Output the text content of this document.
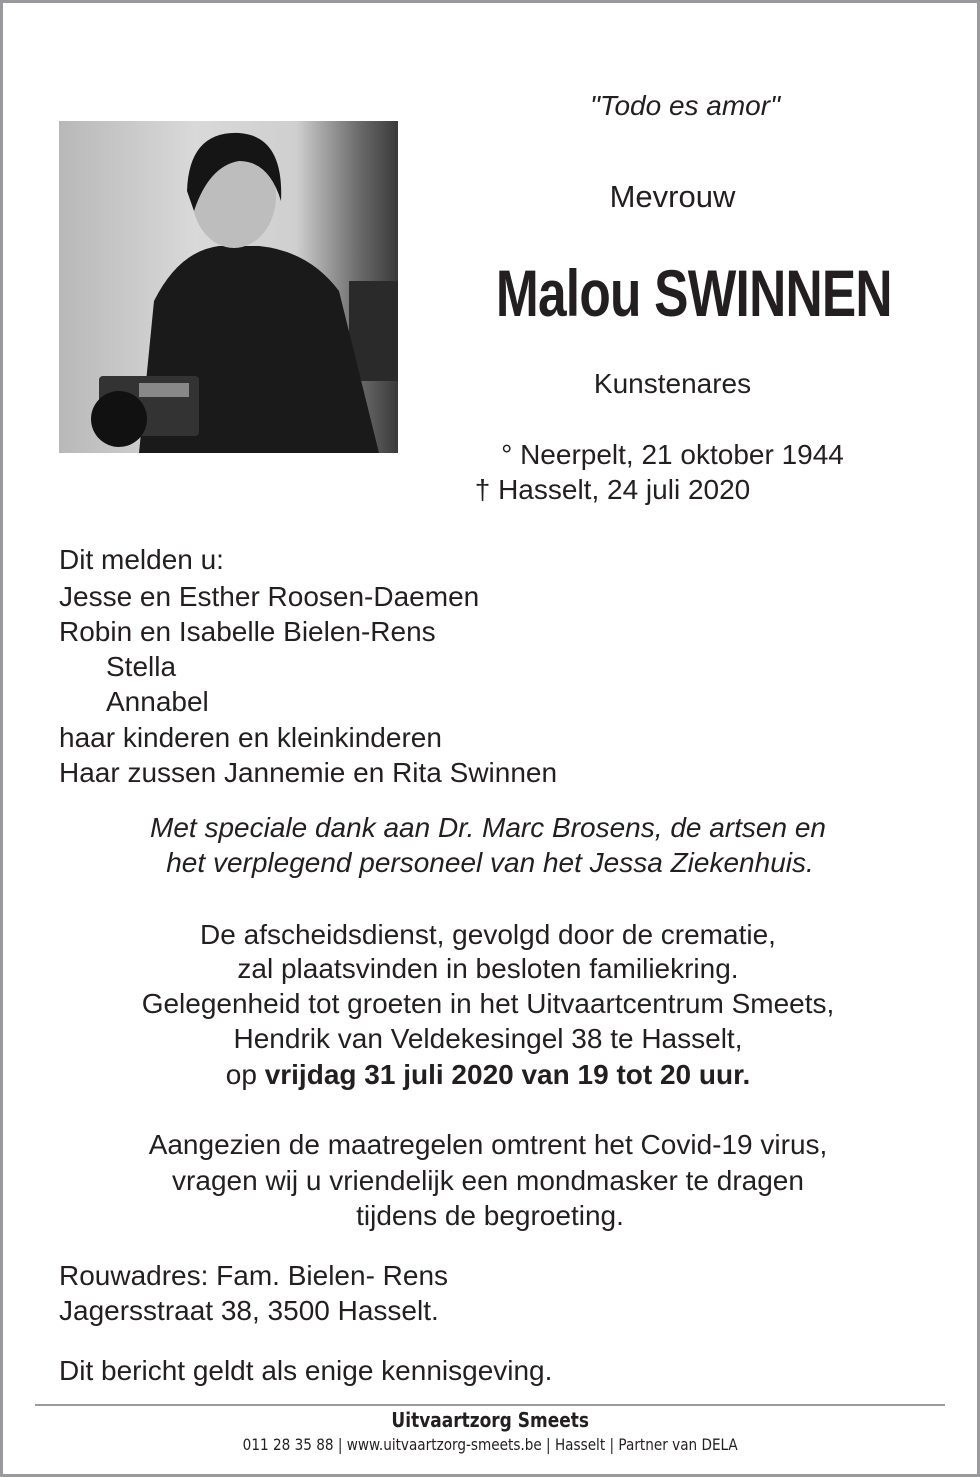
"Todo es amor"
Mevrouw
Malou SWINNEN
Kunstenares
° Neerpelt, 21 oktober 1944
† Hasselt, 24 juli 2020
Dit melden u:
Jesse en Esther Roosen-Daemen
Robin en Isabelle Bielen-Rens
Stella
Annabel
haar kinderen en kleinkinderen
Haar zussen Jannemie en Rita Swinnen
Met speciale dank aan Dr. Marc Brosens, de artsen en
het verplegend personeel van het Jessa Ziekenhuis.
De afscheidsdienst, gevolgd door de crematie,
zal plaatsvinden in besloten familiekring.
Gelegenheid tot groeten in het Uitvaartcentrum Smeets,
Hendrik van Veldekesingel 38 te Hasselt,
op vrijdag 31 juli 2020 van 19 tot 20 uur.
Aangezien de maatregelen omtrent het Covid-19 virus,
vragen wij u vriendelijk een mondmasker te dragen
tijdens de begroeting.
Rouwadres: Fam. Bielen- Rens
Jagersstraat 38, 3500 Hasselt.
Dit bericht geldt als enige kennisgeving.
Uitvaartzorg Smeets
011 28 35 88 | www.uitvaartzorg-smeets.be | Hasselt | Partner van DELA
